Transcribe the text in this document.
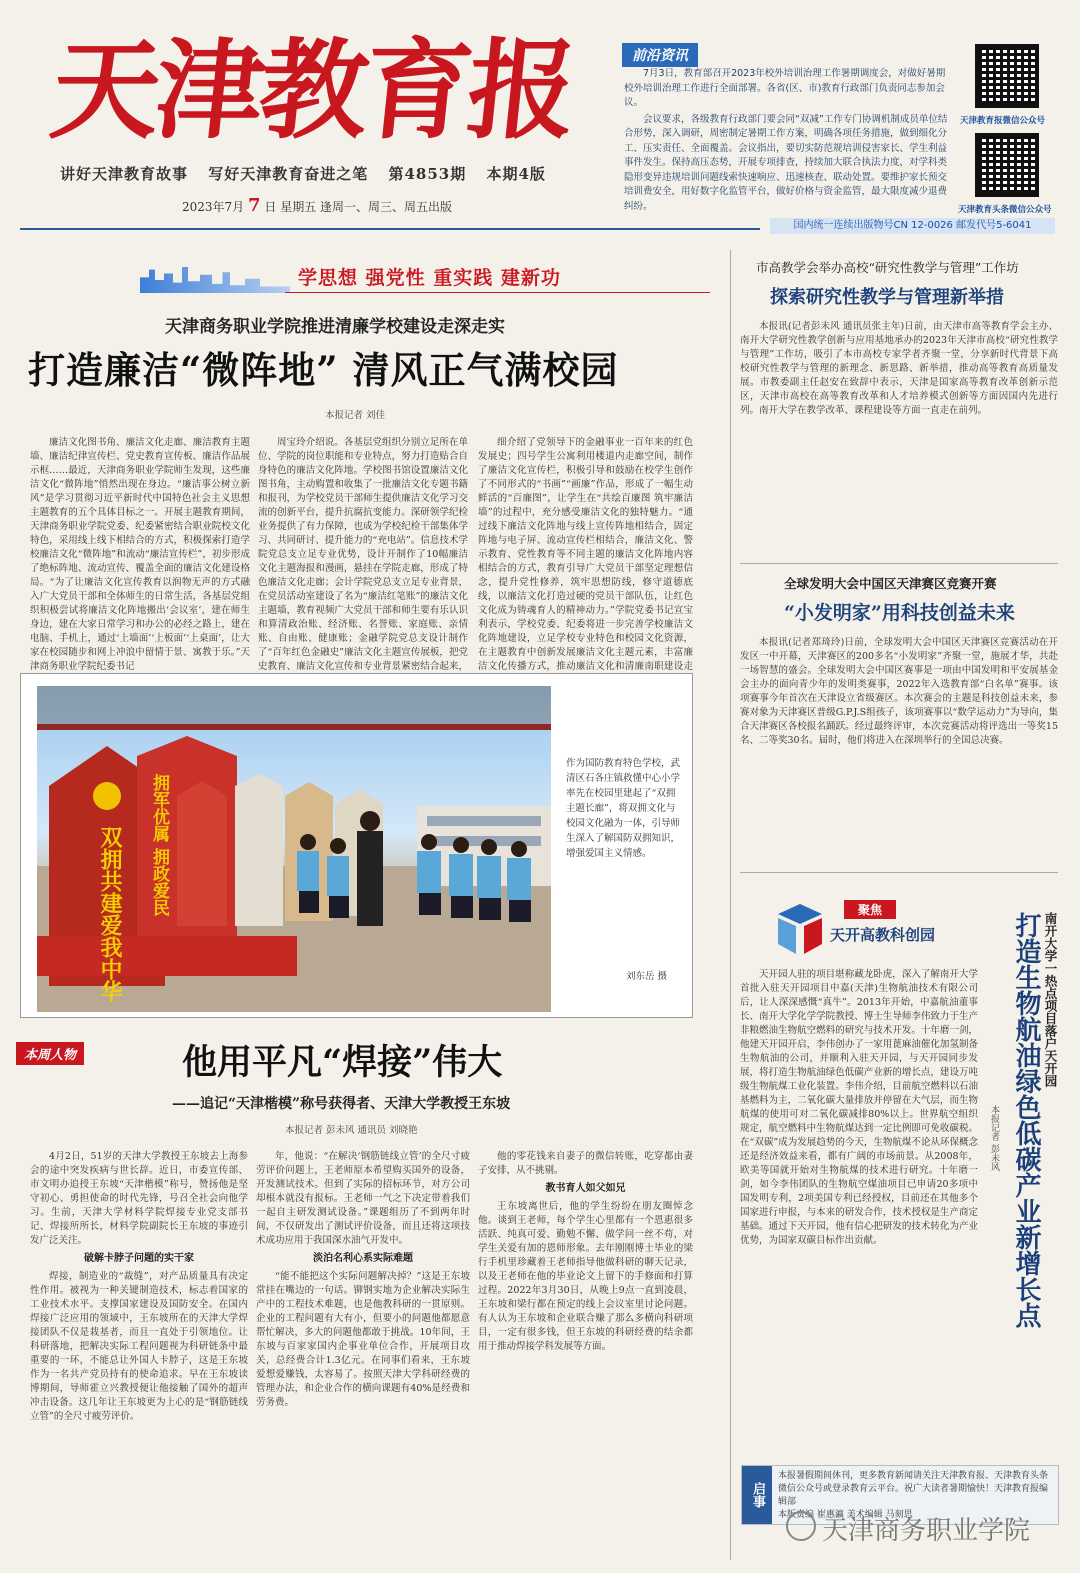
天津教育报
讲好天津教育故事 写好天津教育奋进之笔 第4853期 本期4版
2023年7月 7 日 星期五 逢周一、周三、周五出版
前沿资讯

7月3日，教育部召开2023年校外培训治理工作暑期调度会，对做好暑期校外培训治理工作进行全面部署。各省(区、市)教育行政部门负责同志参加会议。

会议要求，各级教育行政部门要会同“双减”工作专门协调机制成员单位结合形势，深入调研，周密制定暑期工作方案，明确各项任务措施，做到细化分工、压实责任、全面覆盖。会议指出，要切实防范规培训侵害家长、学生利益事件发生。保持高压态势，开展专项排查，持续加大联合执法力度，对学科类隐形变异违规培训问题线索快速响应、迅速核查、联动处置。要维护家长预交培训费安全，用好数字化监管平台，做好价格与资金监管，最大限度减少退费纠纷。

天津教育报微信公众号
天津教育头条微信公众号
国内统一连续出版物号CN 12-0026 邮发代号5-6041
学思想 强党性 重实践 建新功
天津商务职业学院推进清廉学校建设走深走实
打造廉洁“微阵地” 清风正气满校园
本报记者 刘佳

廉洁文化图书角、廉洁文化走廊、廉洁教育主题墙、廉洁纪律宣传栏、党史教育宣传板、廉洁作品展示框……最近，天津商务职业学院师生发现，这些廉洁文化“微阵地”悄然出现在身边。“廉洁事公树立新风”是学习贯彻习近平新时代中国特色社会主义思想主题教育的五个具体目标之一。开展主题教育期间，天津商务职业学院党委、纪委紧密结合职业院校文化特色，采用线上线下相结合的方式，积极探索打造学校廉洁文化“微阵地”和流动“廉洁宣传栏”，初步形成了绝标阵地、流动宣传、覆盖全面的廉洁文化建设格局。“为了让廉洁文化宣传教育以润物无声的方式融入广大党员干部和全体师生的日常生活，各基层党组织积极尝试将廉洁文化阵地搬出‘会议室’，建在师生身边，建在大家日常学习和办公的必经之路上，建在电脑、手机上，通过‘上墙面’‘上板面’‘上桌面’，让大家在校园随步和网上冲浪中留情于景、寓教于乐。”天津商务职业学院纪委书记

周宝玲介绍说。各基层党组织分别立足所在单位、学院的岗位职能和专业特点，努力打造贴合自身特色的廉洁文化阵地。学校图书馆设置廉洁文化图书角，主动购置和收集了一批廉洁文化专题书籍和报刊，为学校党员干部师生提供廉洁文化学习交流的创新平台，提升抗腐抗变能力。深研领学纪检业务提供了有力保障，也成为学校纪检干部集体学习、共同研讨、提升能力的“充电站”。信息技术学院党总支立足专业优势，设计开制作了10幅廉洁文化主题海报和漫画，悬挂在学院走廊，形成了特色廉洁文化走廊；会计学院党总支立足专业背景，在党员活动室建设了名为“廉洁红笔账”的廉洁文化主题墙，教育视频广大党员干部和师生要有乐认识和算清政治账、经济账、名誉账、家庭账、亲情账、自由账、健康账；金融学院党总支设计制作了“百年红色金融史”廉洁文化主题宣传展板，把党史教育、廉洁文化宣传和专业背景紧密结合起来，

细介绍了党领导下的金融事业一百年来的红色发展史；四号学生公寓利用楼道内走廊空间，制作了廉洁文化宣传栏，积极引导和鼓励在校学生创作了不同形式的“书画”“画廉”作品，形成了一幅生动鲜活的“百廉图”，让学生在“共绘百廉图 筑牢廉洁墙”的过程中，充分感受廉洁文化的独特魅力。“通过线下廉洁文化阵地与线上宣传阵地相结合，固定阵地与电子屏、流动宣传栏相结合，廉洁文化、警示教育、党性教育等不同主题的廉洁文化阵地内容相结合的方式，教育引导广大党员干部坚定理想信念，提升党性修养，筑牢思想防线，修守道德底线，以廉洁文化打造过硬的党员干部队伍，让红色文化成为铸魂育人的精神动力。”学院党委书记宣宝利表示，学校党委、纪委将进一步完善学校廉洁文化阵地建设，立足学校专业特色和校园文化资源，在主题教育中创新发展廉洁文化主题元素，丰富廉洁文化传播方式，推动廉洁文化和清廉南职建设走

拥军优属 拥政爱民
双拥共建爱我中华
作为国防教育特色学校，武清区石各庄镇救懂中心小学率先在校园里建起了“双拥主题长廊”，将双拥文化与校园文化融为一体，引导师生深入了解国防双拥知识，增强爱国主义情感。
刘东岳 摄
本周人物	他用平凡“焊接”伟大
——追记“天津楷模”称号获得者、天津大学教授王东坡
本报记者 彭未风 通讯员 刘晓艳

4月2日，51岁的天津大学教授王东坡去上海参会的途中突发疾病与世长辞。近日，市委宣传部、市文明办追授王东坡“天津楷模”称号，赞扬他是坚守初心、勇担使命的时代先锋，号召全社会向他学习。生前，天津大学材料学院焊接专业党支部书记、焊接所所长，材料学院副院长王东坡的事迹引发广泛关注。

破解卡脖子问题的实干家

焊接，制造业的“裁缝”，对产品质量具有决定性作用。被视为一种关键制造技术，标志着国家的工业技术水平。支撑国家建设及国防安全。在国内焊接广泛应用的领域中，王东坡所在的天津大学焊接团队不仅是栽基者，而且一直处于引领地位。让科研落地，把解决实际工程问题视为科研链条中最重要的一环，不能总让外国人卡脖子，这是王东坡作为一名共产党员持有的使命追求。早在王东坡读博期间，导师霍立兴教授便让他接触了国外的超声冲击设备。这几年让王东坡更为上心的是“钢筋链线立管”的全尺寸疲劳评价。

年，他说：“在解决‘钢筋链线立管’的全尺寸疲劳评价问题上，王老师原本希望购买国外的设备，开发测试技术。但到了实际的招标环节，对方公司却根本就没有报标。王老师一气之下决定带着我们一起自主研发测试设备。”课题组历了不到两年时间，不仅研发出了测试评价设备，而且还将这项技术成功应用于我国深水油气开发中。

淡泊名利心系实际难题

“能不能把这个实际问题解决掉？”这是王东坡常挂在嘴边的一句话。铆钢实地为企业解决实际生产中的工程技术难题，也是他教科研的一贯原则。企业的工程问题有大有小，但要小的问题他都愿意帮忙解决，多大的问题他都敢于挑战。10年间，王东坡与百家家国内企事业单位合作，开展项目攻关，总经费合计1.3亿元。在同事们看来，王东坡爱想爱赚钱，太容易了。按照天津大学科研经费的管理办法，和企业合作的横向课题有40%是经费和劳务费。

他的零花钱来自妻子的微信转账，吃穿都由妻子安排，从不挑剔。

教书育人如父如兄

王东坡离世后，他的学生纷纷在朋友圈悼念他。谈到王老师，每个学生心里都有一个恩惠很多活跃、纯真可爱、勤勉不懈、做学问一丝不苟，对学生关爱有加的恩师形象。去年刚刚博士毕业的梁行手机里珍藏着王老师指导他做科研的聊天记录，以及王老师在他的毕业论文上留下的手修面和打算过程。2022年3月30日，从晚上9点一直到凌晨，王东坡和梁行都在预定的线上会议室里讨论问题。有人认为王东坡和企业联合赚了那么多横向科研项目，一定有很多钱，但王东坡的科研经费的结余都用于推动焊接学科发展等方面。

市高教学会举办高校“研究性教学与管理”工作坊
探索研究性教学与管理新举措

本报讯(记者彭未风 通讯员张主年)日前，由天津市高等教育学会主办、南开大学研究性教学创新与应用基地承办的2023年天津市高校“研究性教学与管理”工作坊，吸引了本市高校专家学者齐聚一堂，分享新时代背景下高校研究性教学与管理的新理念、新思路、新举措，推动高等教育高质量发展。市教委副主任赵安在致辞中表示，天津是国家高等教育改革创新示范区，天津市高校在高等教育改革和人才培养模式创新等方面因国内先进行列。南开大学在教学改革、课程建设等方面一直走在前列。

全球发明大会中国区天津赛区竞赛开赛
“小发明家”用科技创益未来

本报讯(记者郑琦玲)日前，全球发明大会中国区天津赛区竞赛活动在开发区一中开幕，天津赛区的200多名“小发明家”齐聚一堂，施展才华，共赴一场智慧的盛会。全球发明大会中国区赛事是一项由中国发明和平安展基金会主办的面向青少年的发明类赛事，2022年入选教育部“白名单”赛事。该项赛事今年首次在天津设立省级赛区。本次赛会的主题是科技创益未来，参赛对象为天津赛区普级G.P.J.S组孩子，该项赛事以“数学运动力”为导向，集合天津赛区各校报名踊跃。经过最终评审，本次竞赛活动将评选出一等奖15名、二等奖30名。届时，他们将进入在深圳举行的全国总决赛。

聚焦
天开高教科创园	南开大学一热点项目落户天开园
打造生物航油绿色低碳产业新增长点
本报记者 彭未风

天开园人驻的项目堪称藏龙卧虎，深入了解南开大学首批入驻天开园项目中嘉(天津)生物航油技术有限公司后，让人深深感慨“真牛”。2013年开始，中嘉航油董事长、南开大学化学学院教授、博士生导师李伟致力于生产非粮燃油生物航空燃料的研究与技术开发。十年磨一剑，他建天开园开启，李伟创办了一家用蓖麻油催化加氢制备生物航油的公司，并顺利入驻天开园，与天开园同步发展，将打造生物航油绿色低碳产业新的增长点，建设万吨级生物航煤工业化装置。李伟介绍，目前航空燃料以石油基燃料为主，二氧化碳大量排放并停留在大气层，而生物航煤的使用可对二氧化碳减排80%以上。世界航空组织规定，航空燃料中生物航煤达到一定比例即可免收碳税。在“双碳”成为发展趋势的今天，生物航煤不论从环保概念还是经济效益来看，都有广阔的市场前景。从2008年，欧美等国就开始对生物航煤的技术进行研究。十年磨一剑，如今李伟团队的生物航空煤油项目已申请20多项中国发明专利，2项美国专利已经授权，目前还在其他多个国家进行申报，与本来的研发合作，技术授权是生产商定基础。通过下天开园，他有信心把研发的技术转化为产业优势，为国家双碳目标作出贡献。

启事
本报暑假期间休刊，更多教育新闻请关注天津教育报、天津教育头条微信公众号或登录教育云平台。祝广大读者暑期愉快！天津教育报编辑部
本版责编 崔惠瀛 美术编辑 马刻思
天津商务职业学院
